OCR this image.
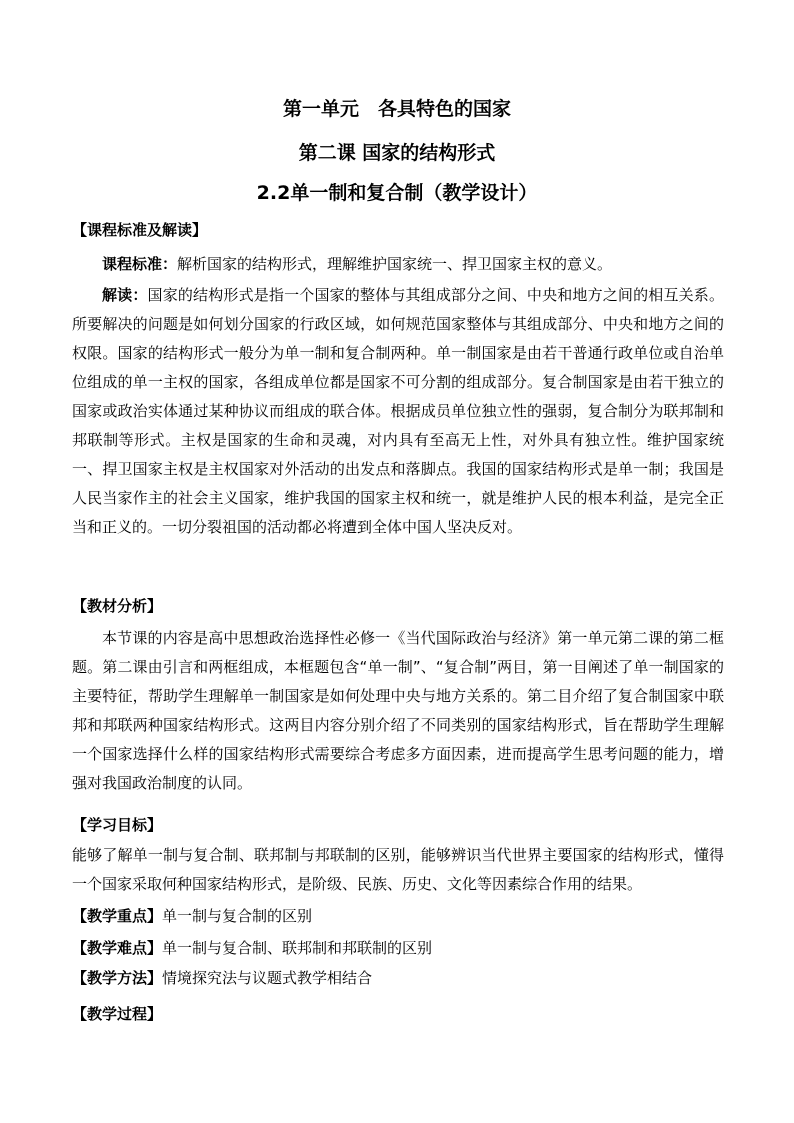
第一单元　各具特色的国家
第二课 国家的结构形式
2.2单一制和复合制（教学设计）
【课程标准及解读】
课程标准：解析国家的结构形式，理解维护国家统一、捍卫国家主权的意义。
解读：国家的结构形式是指一个国家的整体与其组成部分之间、中央和地方之间的相互关系。所要解决的问题是如何划分国家的行政区域，如何规范国家整体与其组成部分、中央和地方之间的权限。国家的结构形式一般分为单一制和复合制两种。单一制国家是由若干普通行政单位或自治单位组成的单一主权的国家，各组成单位都是国家不可分割的组成部分。复合制国家是由若干独立的国家或政治实体通过某种协议而组成的联合体。根据成员单位独立性的强弱，复合制分为联邦制和邦联制等形式。主权是国家的生命和灵魂，对内具有至高无上性，对外具有独立性。维护国家统一、捍卫国家主权是主权国家对外活动的出发点和落脚点。我国的国家结构形式是单一制；我国是人民当家作主的社会主义国家，维护我国的国家主权和统一，就是维护人民的根本利益，是完全正当和正义的。一切分裂祖国的活动都必将遭到全体中国人坚决反对。
【教材分析】
本节课的内容是高中思想政治选择性必修一《当代国际政治与经济》第一单元第二课的第二框题。第二课由引言和两框组成，本框题包含“单一制”、“复合制”两目，第一目阐述了单一制国家的主要特征，帮助学生理解单一制国家是如何处理中央与地方关系的。第二目介绍了复合制国家中联邦和邦联两种国家结构形式。这两目内容分别介绍了不同类别的国家结构形式，旨在帮助学生理解一个国家选择什么样的国家结构形式需要综合考虑多方面因素，进而提高学生思考问题的能力，增强对我国政治制度的认同。
【学习目标】
能够了解单一制与复合制、联邦制与邦联制的区别，能够辨识当代世界主要国家的结构形式，懂得一个国家采取何种国家结构形式，是阶级、民族、历史、文化等因素综合作用的结果。
【教学重点】单一制与复合制的区别
【教学难点】单一制与复合制、联邦制和邦联制的区别
【教学方法】情境探究法与议题式教学相结合
【教学过程】
